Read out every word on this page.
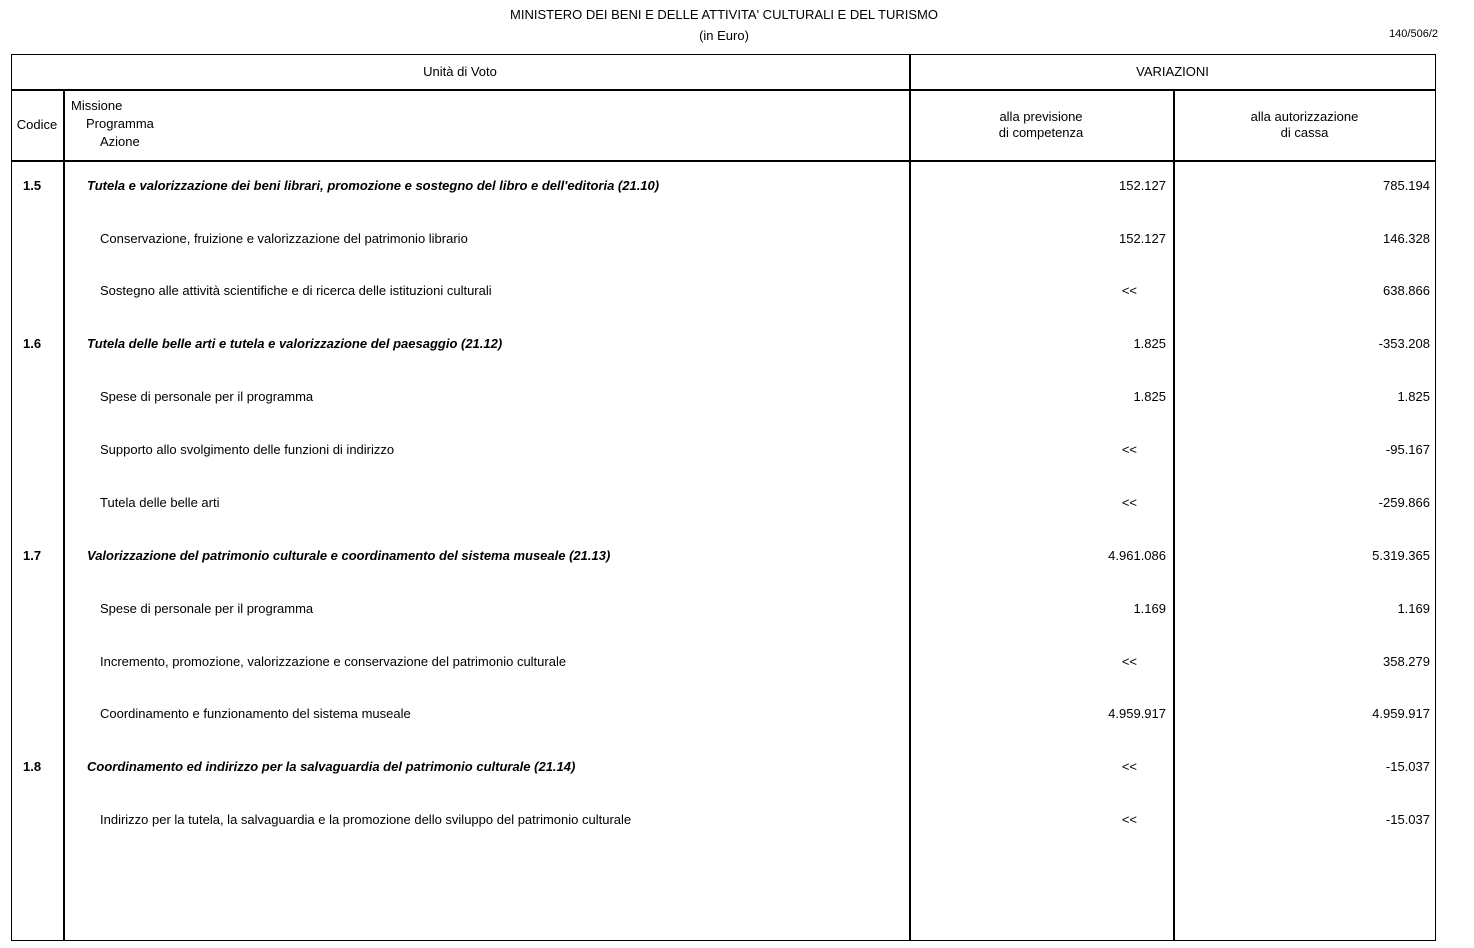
MINISTERO DEI BENI E DELLE ATTIVITA' CULTURALI E DEL TURISMO
(in Euro)	140/506/2
Unità di Voto	VARIAZIONI
Codice
Missione
Programma
Azione
alla previsione
di competenza
alla autorizzazione
di cassa
1.5	Tutela e valorizzazione dei beni librari, promozione e sostegno del libro e dell'editoria (21.10)	152.127	785.194
Conservazione, fruizione e valorizzazione del patrimonio librario	152.127	146.328
Sostegno alle attività scientifiche e di ricerca delle istituzioni culturali	<<	638.866
1.6	Tutela delle belle arti e tutela e valorizzazione del paesaggio (21.12)	1.825	-353.208
Spese di personale per il programma	1.825	1.825
Supporto allo svolgimento delle funzioni di indirizzo	<<	-95.167
Tutela delle belle arti	<<	-259.866
1.7	Valorizzazione del patrimonio culturale e coordinamento del sistema museale (21.13)	4.961.086	5.319.365
Spese di personale per il programma	1.169	1.169
Incremento, promozione, valorizzazione e conservazione del patrimonio culturale	<<	358.279
Coordinamento e funzionamento del sistema museale	4.959.917	4.959.917
1.8	Coordinamento ed indirizzo per la salvaguardia del patrimonio culturale (21.14)	<<	-15.037
Indirizzo per la tutela, la salvaguardia e la promozione dello sviluppo del patrimonio culturale	<<	-15.037
